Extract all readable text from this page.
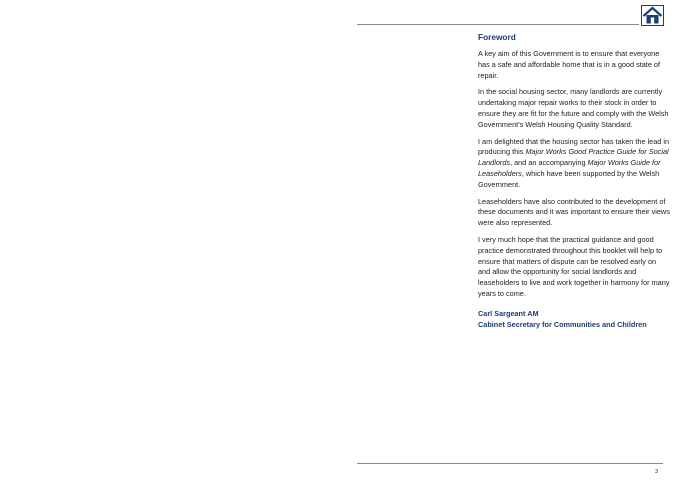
Foreword

A key aim of this Government is to ensure that everyone has a safe and affordable home that is in a good state of repair.

In the social housing sector, many landlords are currently undertaking major repair works to their stock in order to ensure they are fit for the future and comply with the Welsh Government’s Welsh Housing Quality Standard.

I am delighted that the housing sector has taken the lead in producing this Major Works Good Practice Guide for Social Landlords, and an accompanying Major Works Guide for Leaseholders, which have been supported by the Welsh Government.

Leaseholders have also contributed to the development of these documents and it was important to ensure their views were also represented.

I very much hope that the practical guidance and good practice demonstrated throughout this booklet will help to ensure that matters of dispute can be resolved early on and allow the opportunity for social landlords and leaseholders to live and work together in harmony for many years to come.

Carl Sargeant AM
Cabinet Secretary for Communities and Children
3
